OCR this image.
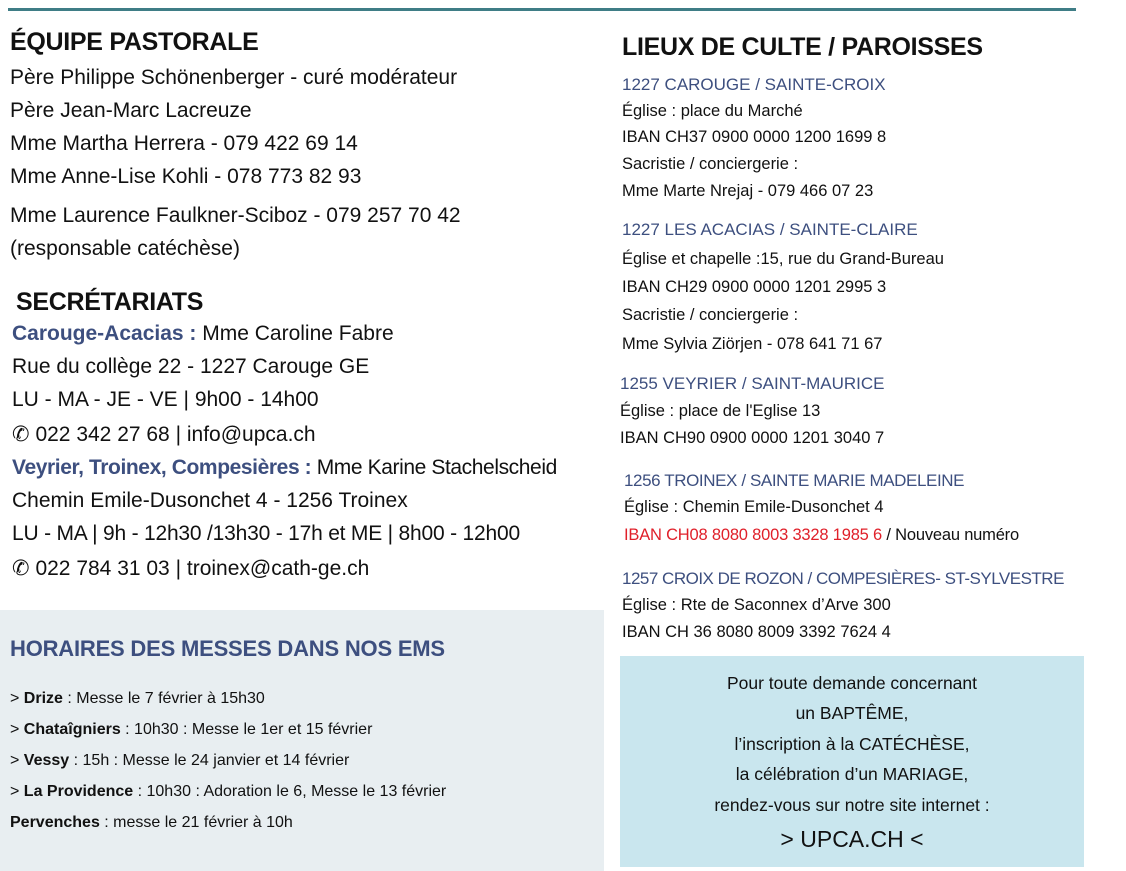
ÉQUIPE PASTORALE
Père Philippe Schönenberger - curé modérateur
Père Jean-Marc Lacreuze
Mme Martha Herrera - 079 422 69 14
Mme Anne-Lise Kohli - 078 773 82 93
Mme Laurence Faulkner-Sciboz - 079 257 70 42
(responsable catéchèse)
SECRÉTARIATS
Carouge-Acacias : Mme Caroline Fabre
Rue du collège 22 - 1227 Carouge GE
LU - MA - JE - VE | 9h00 - 14h00
✆ 022 342 27 68 | info@upca.ch
Veyrier, Troinex, Compesières : Mme Karine Stachelscheid
Chemin Emile-Dusonchet 4 - 1256 Troinex
LU - MA | 9h - 12h30 /13h30 - 17h et ME | 8h00 - 12h00
✆ 022 784 31 03 | troinex@cath-ge.ch
HORAIRES DES MESSES DANS NOS EMS
> Drize : Messe le 7 février à 15h30
> Chataîgniers : 10h30 : Messe le 1er et 15 février
> Vessy : 15h : Messe le 24 janvier et 14 février
> La Providence : 10h30 : Adoration le 6, Messe le 13 février
Pervenches : messe le 21 février à 10h
LIEUX DE CULTE / PAROISSES
1227 CAROUGE / SAINTE-CROIX
Église : place du Marché
IBAN CH37 0900 0000 1200 1699 8
Sacristie / conciergerie :
Mme Marte Nrejaj - 079 466 07 23
1227 LES ACACIAS / SAINTE-CLAIRE
Église et chapelle :15, rue du Grand-Bureau
IBAN CH29 0900 0000 1201 2995 3
Sacristie / conciergerie :
Mme Sylvia Ziörjen - 078 641 71 67
1255 VEYRIER / SAINT-MAURICE
Église : place de l'Eglise 13
IBAN CH90 0900 0000 1201 3040 7
1256 TROINEX / SAINTE MARIE MADELEINE
Église : Chemin Emile-Dusonchet 4
IBAN CH08 8080 8003 3328 1985 6 / Nouveau numéro
1257 CROIX DE ROZON / COMPESIÈRES- ST-SYLVESTRE
Église : Rte de Saconnex d’Arve 300
IBAN CH 36 8080 8009 3392 7624 4
Pour toute demande concernant
un BAPTÊME,
l’inscription à la CATÉCHÈSE,
la célébration d’un MARIAGE,
rendez-vous sur notre site internet :
> UPCA.CH <
